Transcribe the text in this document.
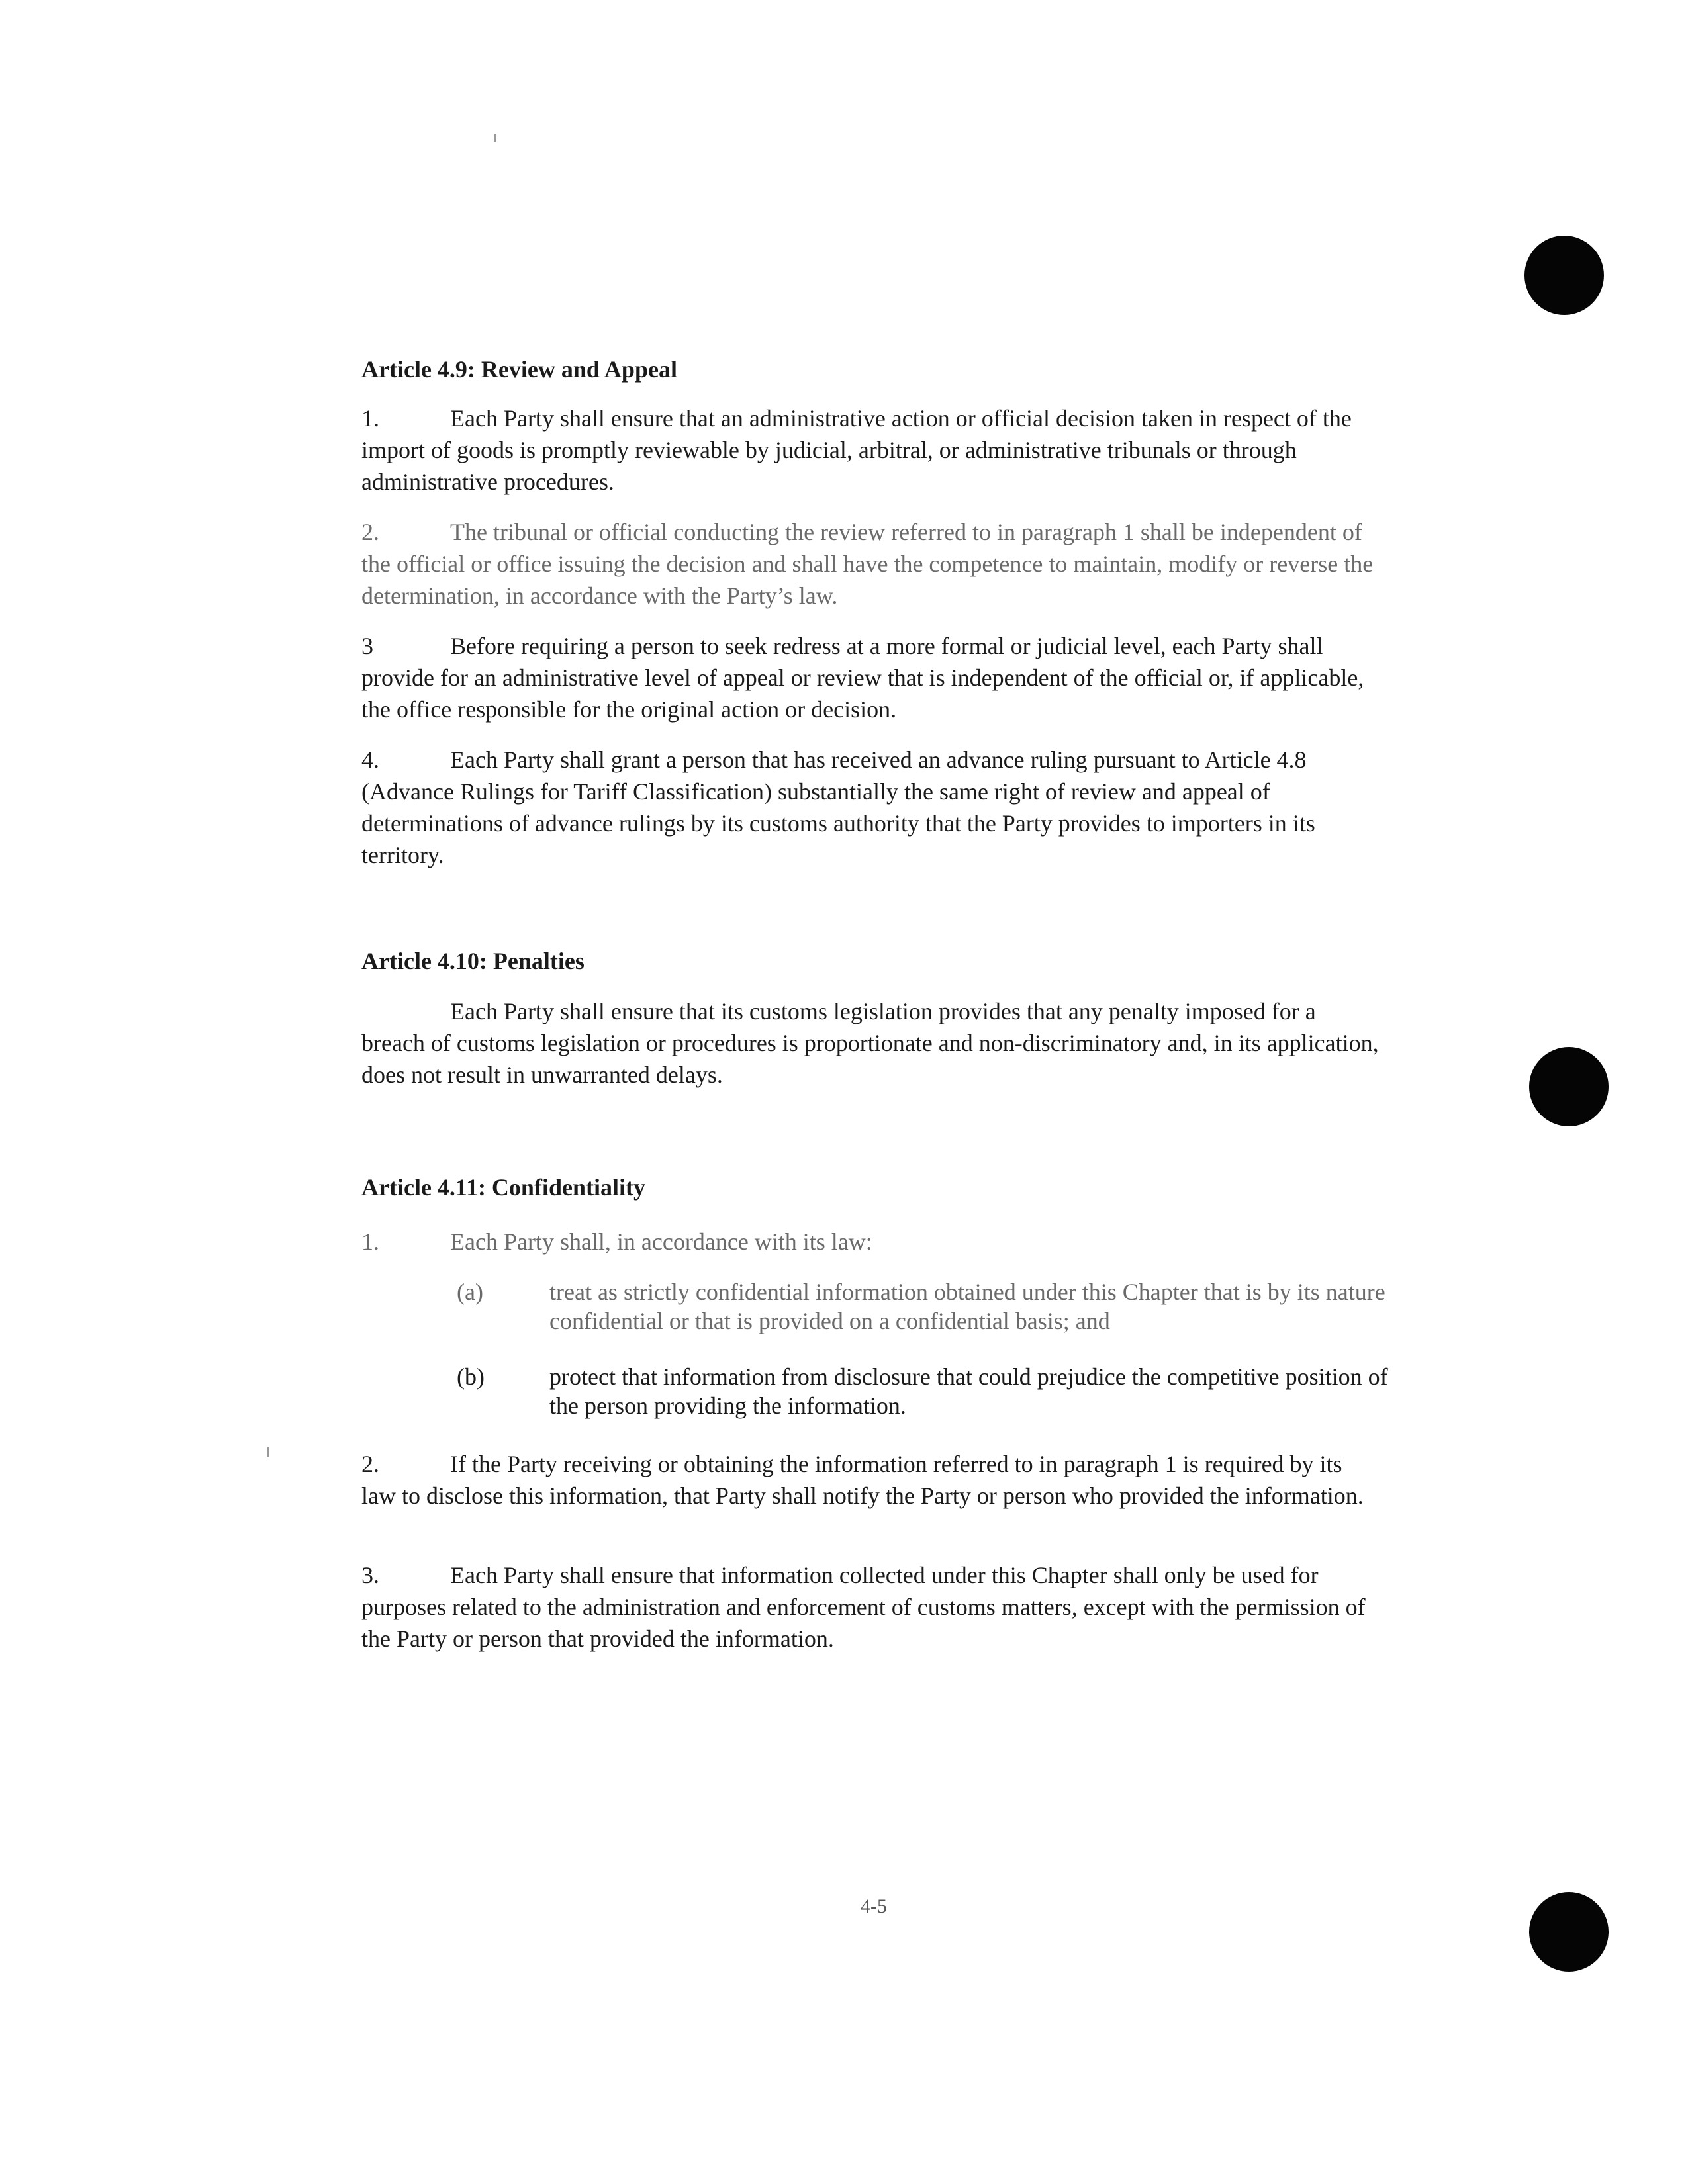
Article 4.9: Review and Appeal

1.	Each Party shall ensure that an administrative action or official decision taken in respect of the import of goods is promptly reviewable by judicial, arbitral, or administrative tribunals or through administrative procedures.

2.	The tribunal or official conducting the review referred to in paragraph 1 shall be independent of the official or office issuing the decision and shall have the competence to maintain, modify or reverse the determination, in accordance with the Party’s law.

3	Before requiring a person to seek redress at a more formal or judicial level, each Party shall provide for an administrative level of appeal or review that is independent of the official or, if applicable, the office responsible for the original action or decision.

4.	Each Party shall grant a person that has received an advance ruling pursuant to Article 4.8 (Advance Rulings for Tariff Classification) substantially the same right of review and appeal of determinations of advance rulings by its customs authority that the Party provides to importers in its territory.

Article 4.10: Penalties

Each Party shall ensure that its customs legislation provides that any penalty imposed for a breach of customs legislation or procedures is proportionate and non-discriminatory and, in its application, does not result in unwarranted delays.

Article 4.11: Confidentiality

1.	Each Party shall, in accordance with its law:

(a)	treat as strictly confidential information obtained under this Chapter that is by its nature confidential or that is provided on a confidential basis; and
(b)	protect that information from disclosure that could prejudice the competitive position of the person providing the information.

2.	If the Party receiving or obtaining the information referred to in paragraph 1 is required by its law to disclose this information, that Party shall notify the Party or person who provided the information.

3.	Each Party shall ensure that information collected under this Chapter shall only be used for purposes related to the administration and enforcement of customs matters, except with the permission of the Party or person that provided the information.

4-5
